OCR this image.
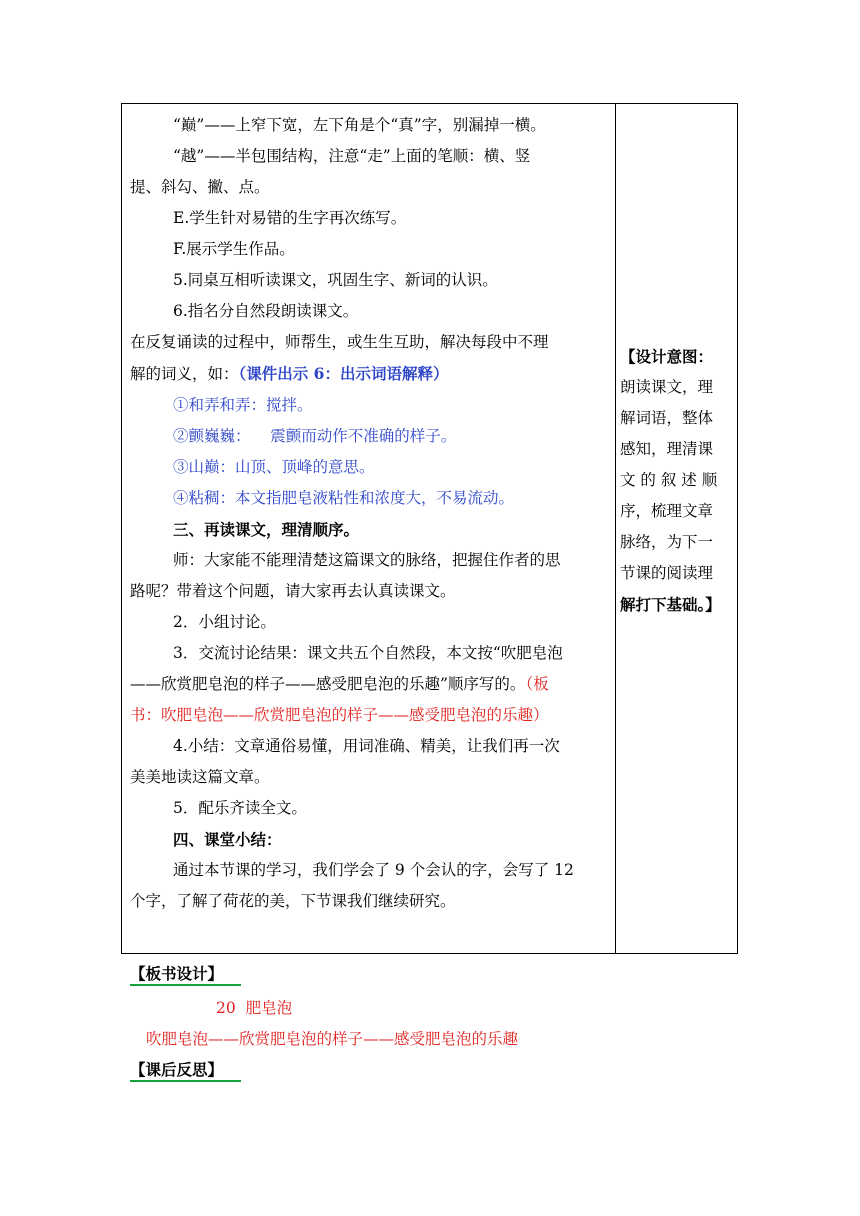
“巅”——上窄下宽，左下角是个“真”字，别漏掉一横。

“越”——半包围结构，注意“走”上面的笔顺：横、竖

提、斜勾、撇、点。

E.学生针对易错的生字再次练写。

F.展示学生作品。

5.同桌互相听读课文，巩固生字、新词的认识。

6.指名分自然段朗读课文。

在反复诵读的过程中，师帮生，或生生互助，解决每段中不理

解的词义，如：（课件出示 6：出示词语解释）

①和弄和弄：搅拌。

②颤巍巍：    震颤而动作不准确的样子。

③山巅：山顶、顶峰的意思。

④粘稠：本文指肥皂液粘性和浓度大，不易流动。

三、再读课文，理清顺序。

师：大家能不能理清楚这篇课文的脉络，把握住作者的思

路呢？带着这个问题，请大家再去认真读课文。

2．小组讨论。

3．交流讨论结果：课文共五个自然段，本文按“吹肥皂泡

——欣赏肥皂泡的样子——感受肥皂泡的乐趣”顺序写的。（板

书：吹肥皂泡——欣赏肥皂泡的样子——感受肥皂泡的乐趣）

4.小结：文章通俗易懂，用词准确、精美，让我们再一次

美美地读这篇文章。

5．配乐齐读全文。

四、课堂小结：

通过本节课的学习，我们学会了 9 个会认的字，会写了 12

个字，了解了荷花的美，下节课我们继续研究。

【设计意图：

朗读课文，理

解词语，整体

感知，理清课

文 的 叙 述 顺

序，梳理文章

脉络，为下一

节课的阅读理

解打下基础。】

【板书设计】
20  肥皂泡
吹肥皂泡——欣赏肥皂泡的样子——感受肥皂泡的乐趣
【课后反思】
